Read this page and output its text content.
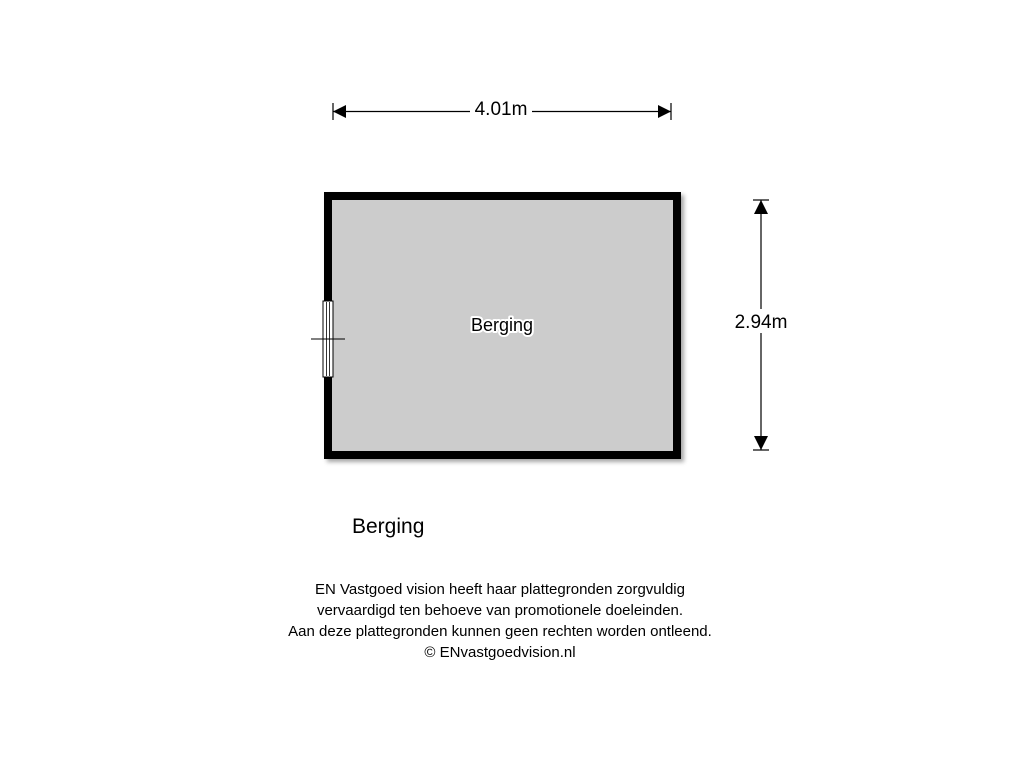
4.01m
2.94m
Berging
Berging
EN Vastgoed vision heeft haar plattegronden zorgvuldig
vervaardigd ten behoeve van promotionele doeleinden.
Aan deze plattegronden kunnen geen rechten worden ontleend.
© ENvastgoedvision.nl
